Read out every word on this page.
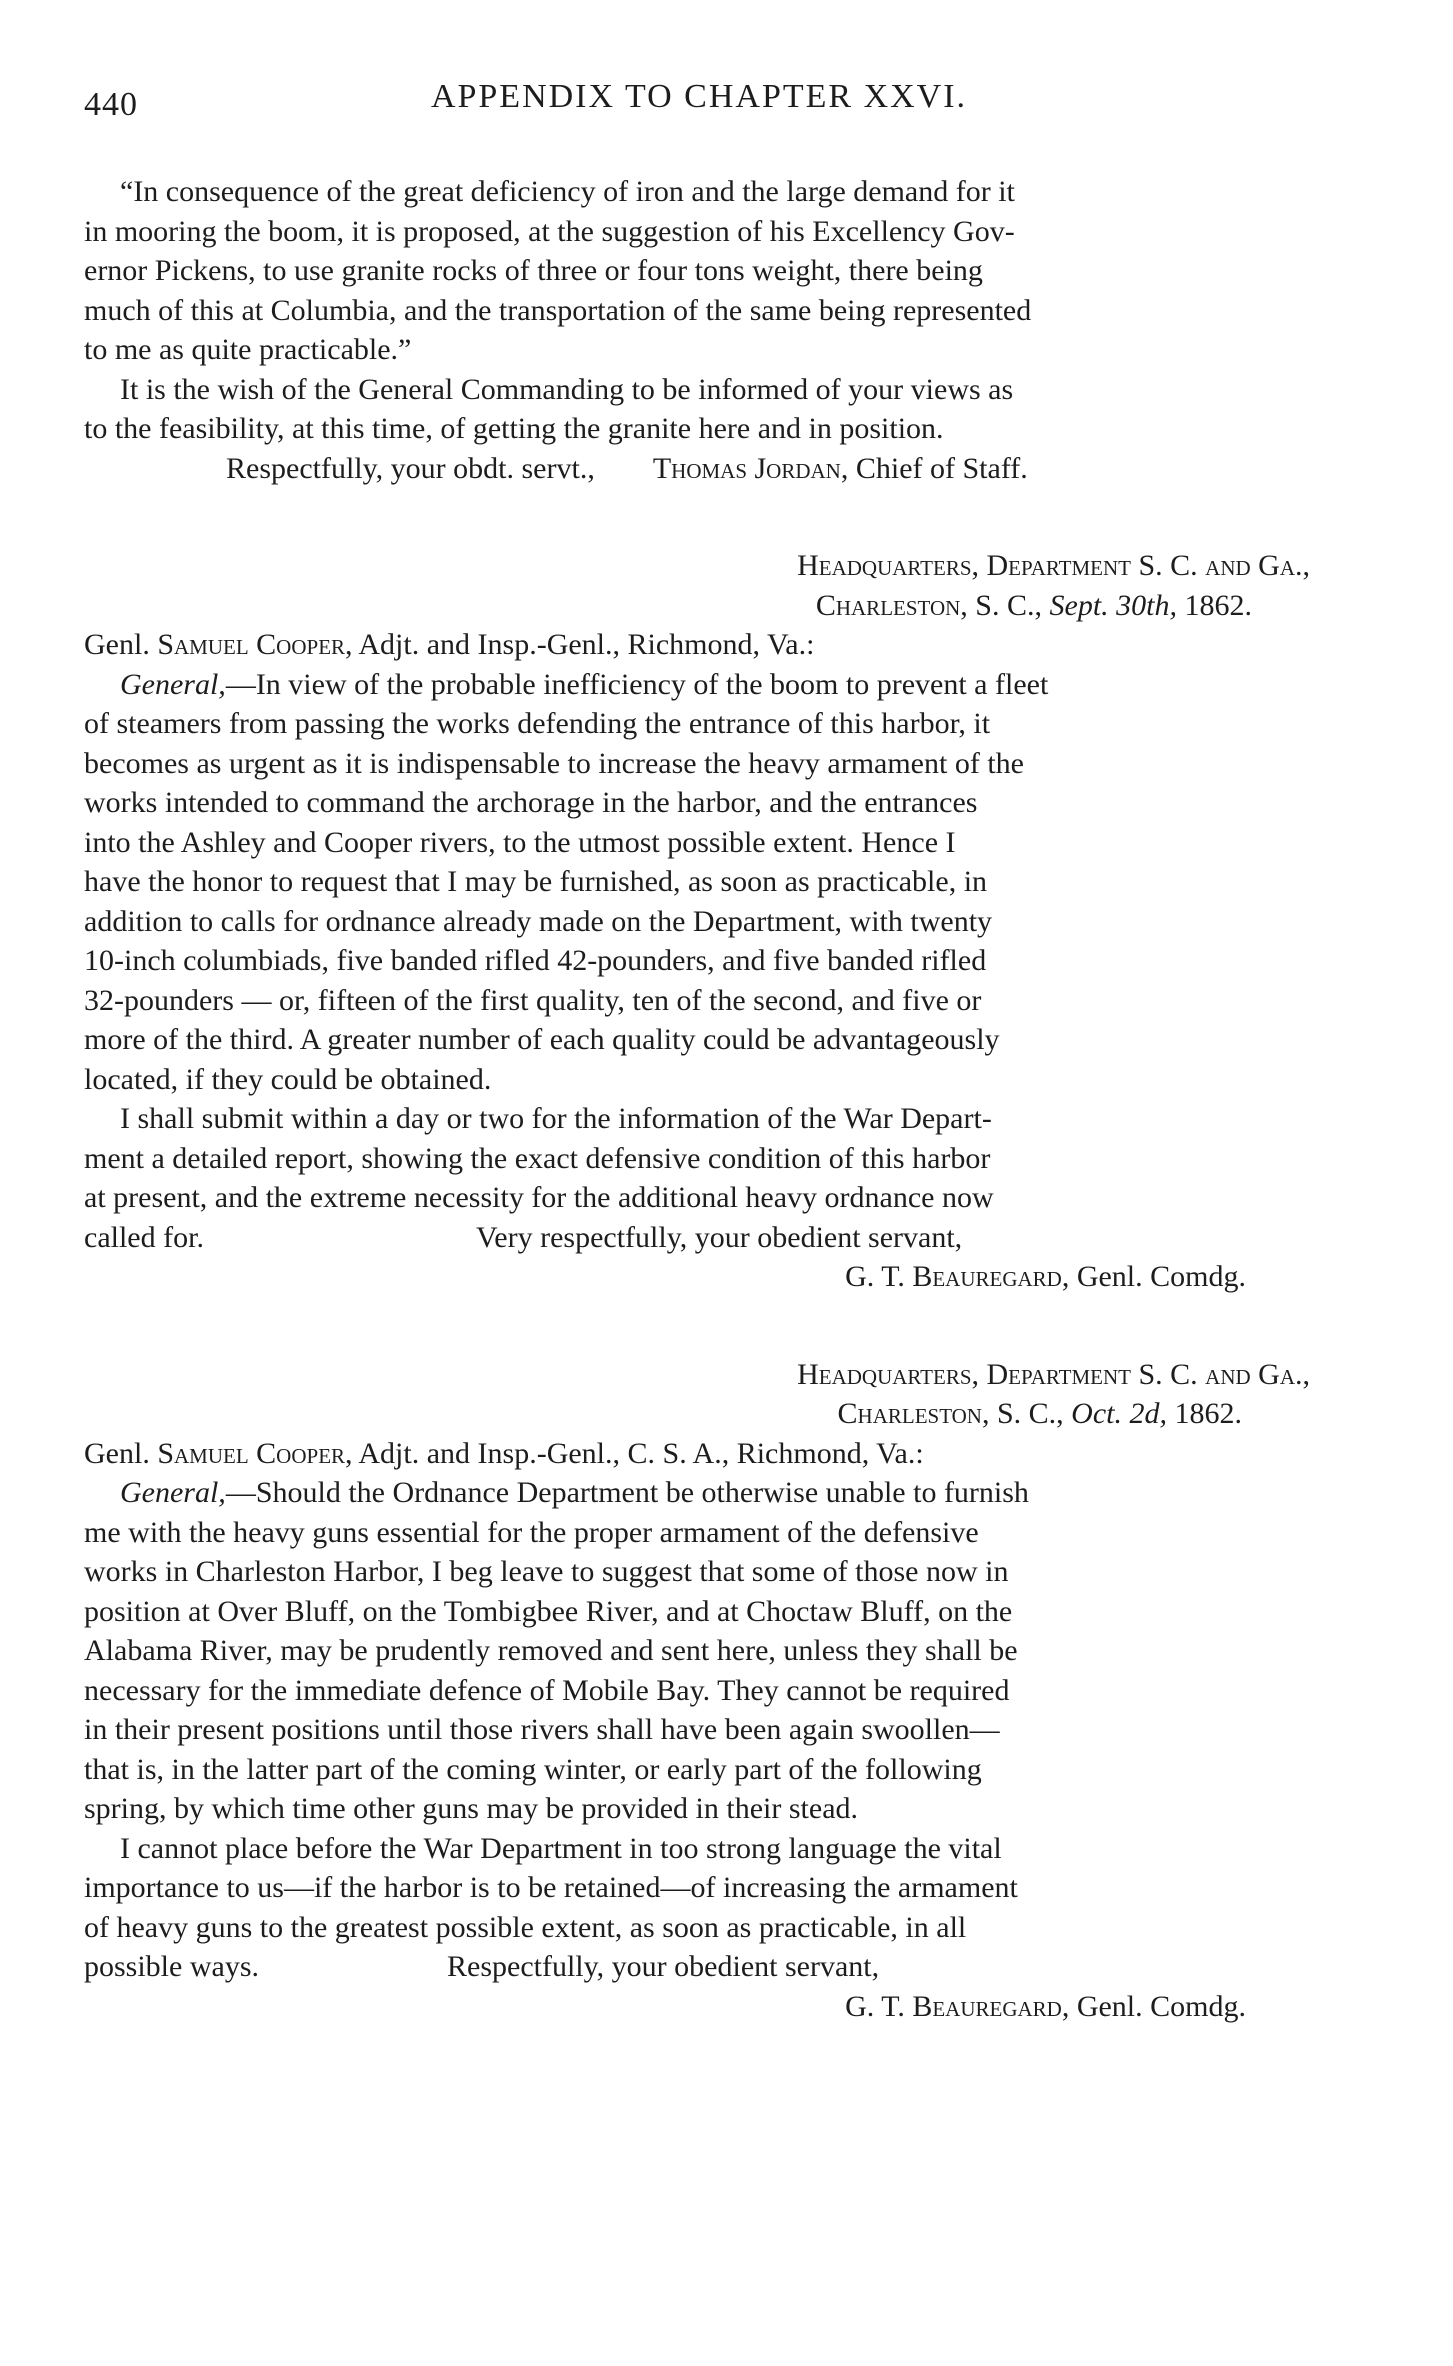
440	APPENDIX TO CHAPTER XXVI.

“In consequence of the great deficiency of iron and the large demand for it

in mooring the boom, it is proposed, at the suggestion of his Excellency Gov-

ernor Pickens, to use granite rocks of three or four tons weight, there being

much of this at Columbia, and the transportation of the same being represented

to me as quite practicable.”

It is the wish of the General Commanding to be informed of your views as

to the feasibility, at this time, of getting the granite here and in position.

Respectfully, your obdt. servt., Thomas Jordan, Chief of Staff.
Headquarters, Department S. C. and Ga.,
Charleston, S. C., Sept. 30th, 1862.

Genl. Samuel Cooper, Adjt. and Insp.-Genl., Richmond, Va.:

General,—In view of the probable inefficiency of the boom to prevent a fleet

of steamers from passing the works defending the entrance of this harbor, it

becomes as urgent as it is indispensable to increase the heavy armament of the

works intended to command the archorage in the harbor, and the entrances

into the Ashley and Cooper rivers, to the utmost possible extent. Hence I

have the honor to request that I may be furnished, as soon as practicable, in

addition to calls for ordnance already made on the Department, with twenty

10-inch columbiads, five banded rifled 42-pounders, and five banded rifled

32-pounders — or, fifteen of the first quality, ten of the second, and five or

more of the third. A greater number of each quality could be advantageously

located, if they could be obtained.

I shall submit within a day or two for the information of the War Depart-

ment a detailed report, showing the exact defensive condition of this harbor

at present, and the extreme necessity for the additional heavy ordnance now

called for.	Very respectfully, your obedient servant,
G. T. Beauregard, Genl. Comdg.
Headquarters, Department S. C. and Ga.,
Charleston, S. C., Oct. 2d, 1862.

Genl. Samuel Cooper, Adjt. and Insp.-Genl., C. S. A., Richmond, Va.:

General,—Should the Ordnance Department be otherwise unable to furnish

me with the heavy guns essential for the proper armament of the defensive

works in Charleston Harbor, I beg leave to suggest that some of those now in

position at Over Bluff, on the Tombigbee River, and at Choctaw Bluff, on the

Alabama River, may be prudently removed and sent here, unless they shall be

necessary for the immediate defence of Mobile Bay. They cannot be required

in their present positions until those rivers shall have been again swoollen—

that is, in the latter part of the coming winter, or early part of the following

spring, by which time other guns may be provided in their stead.

I cannot place before the War Department in too strong language the vital

importance to us—if the harbor is to be retained—of increasing the armament

of heavy guns to the greatest possible extent, as soon as practicable, in all

possible ways.	Respectfully, your obedient servant,
G. T. Beauregard, Genl. Comdg.
